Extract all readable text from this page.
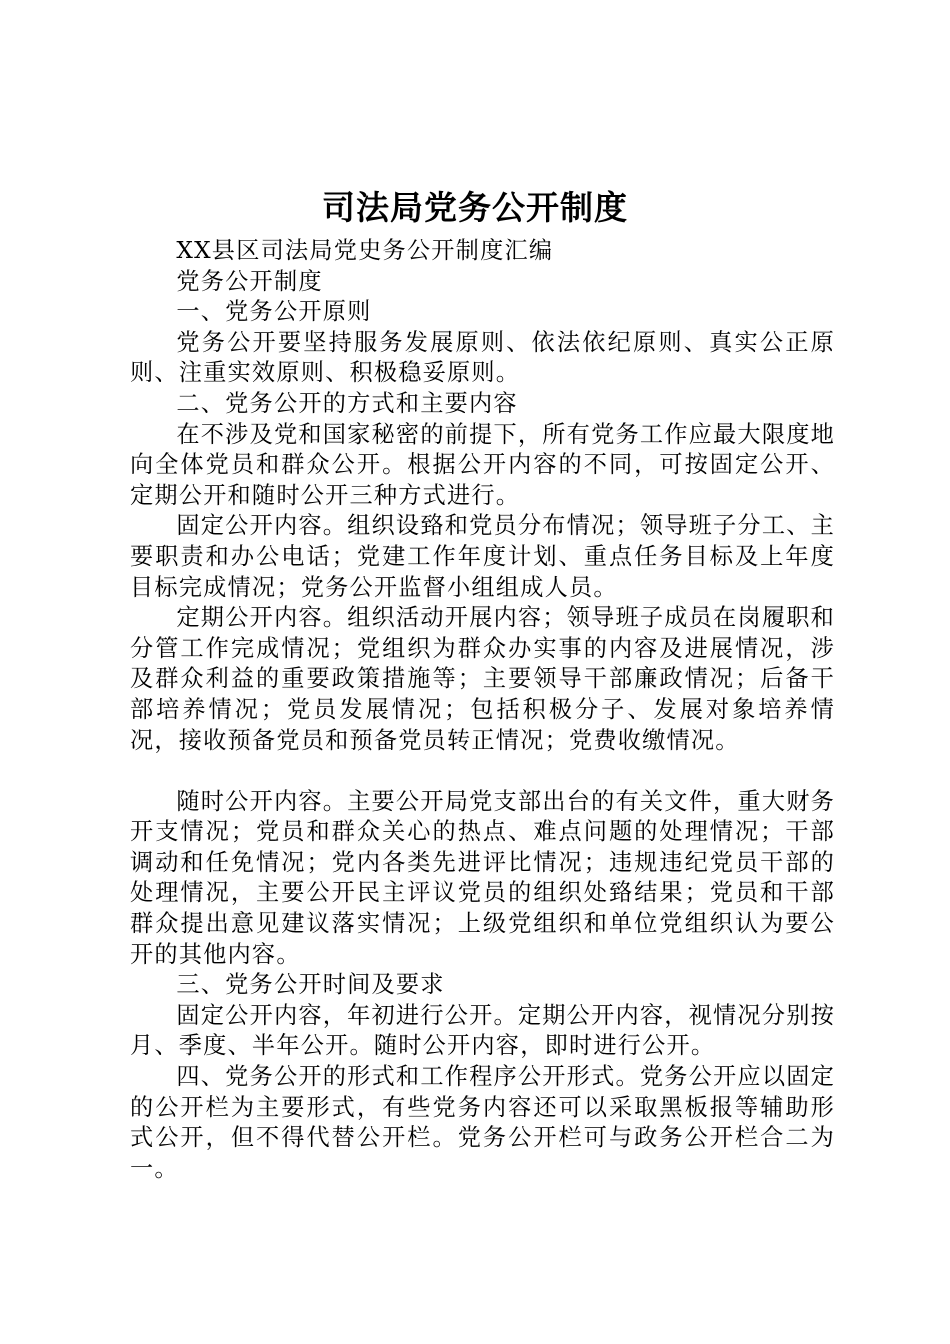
司法局党务公开制度

XX县区司法局党史务公开制度汇编

党务公开制度

一、党务公开原则

党务公开要坚持服务发展原则、依法依纪原则、真实公正原则、注重实效原则、积极稳妥原则。

二、党务公开的方式和主要内容

在不涉及党和国家秘密的前提下，所有党务工作应最大限度地向全体党员和群众公开。根据公开内容的不同，可按固定公开、定期公开和随时公开三种方式进行。

固定公开内容。组织设臵和党员分布情况；领导班子分工、主要职责和办公电话；党建工作年度计划、重点任务目标及上年度目标完成情况；党务公开监督小组组成人员。

定期公开内容。组织活动开展内容；领导班子成员在岗履职和分管工作完成情况；党组织为群众办实事的内容及进展情况，涉及群众利益的重要政策措施等；主要领导干部廉政情况；后备干部培养情况；党员发展情况；包括积极分子、发展对象培养情况，接收预备党员和预备党员转正情况；党费收缴情况。

随时公开内容。主要公开局党支部出台的有关文件，重大财务开支情况；党员和群众关心的热点、难点问题的处理情况；干部调动和任免情况；党内各类先进评比情况；违规违纪党员干部的处理情况，主要公开民主评议党员的组织处臵结果；党员和干部群众提出意见建议落实情况；上级党组织和单位党组织认为要公开的其他内容。

三、党务公开时间及要求

固定公开内容，年初进行公开。定期公开内容，视情况分别按月、季度、半年公开。随时公开内容，即时进行公开。

四、党务公开的形式和工作程序公开形式。党务公开应以固定的公开栏为主要形式，有些党务内容还可以采取黑板报等辅助形式公开，但不得代替公开栏。党务公开栏可与政务公开栏合二为一。
